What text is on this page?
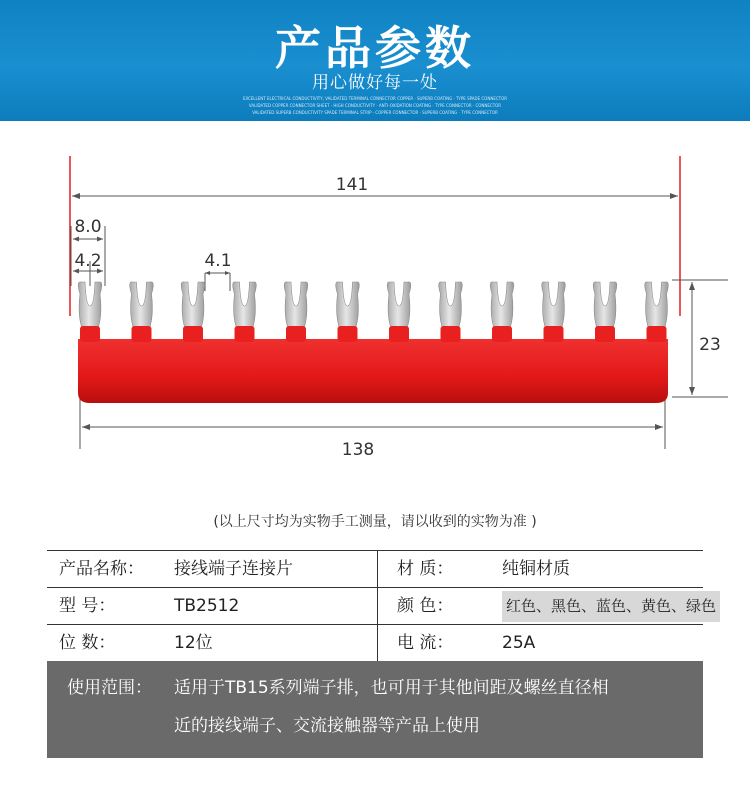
产品参数
用心做好每一处
EXCELLENT ELECTRICAL CONDUCTIVITY, VALIDATED TERMINAL CONNECTOR COPPER · SUPERB COATING · TYPE SPADE CONNECTOR
VALIDATED COPPER CONNECTOR SHEET · HIGH CONDUCTIVITY · ANTI-OXIDATION COATING · TYPE CONNECTOR · CONNECTOR
VALIDATED SUPERB CONDUCTIVITY SPADE TERMINAL STRIP · COPPER CONNECTOR · SUPERB COATING · TYPE CONNECTOR
141
8.0
4.2	4.1
23
138
(以上尺寸均为实物手工测量，请以收到的实物为准 )
产品名称： 接线端子连接片	材 质：	纯铜材质
型 号：	TB2512	颜 色：	红色、黑色、蓝色、黄色、绿色
位 数：	12位	电 流：	25A
使用范围： 适用于TB15系列端子排，也可用于其他间距及螺丝直径相
近的接线端子、交流接触器等产品上使用
